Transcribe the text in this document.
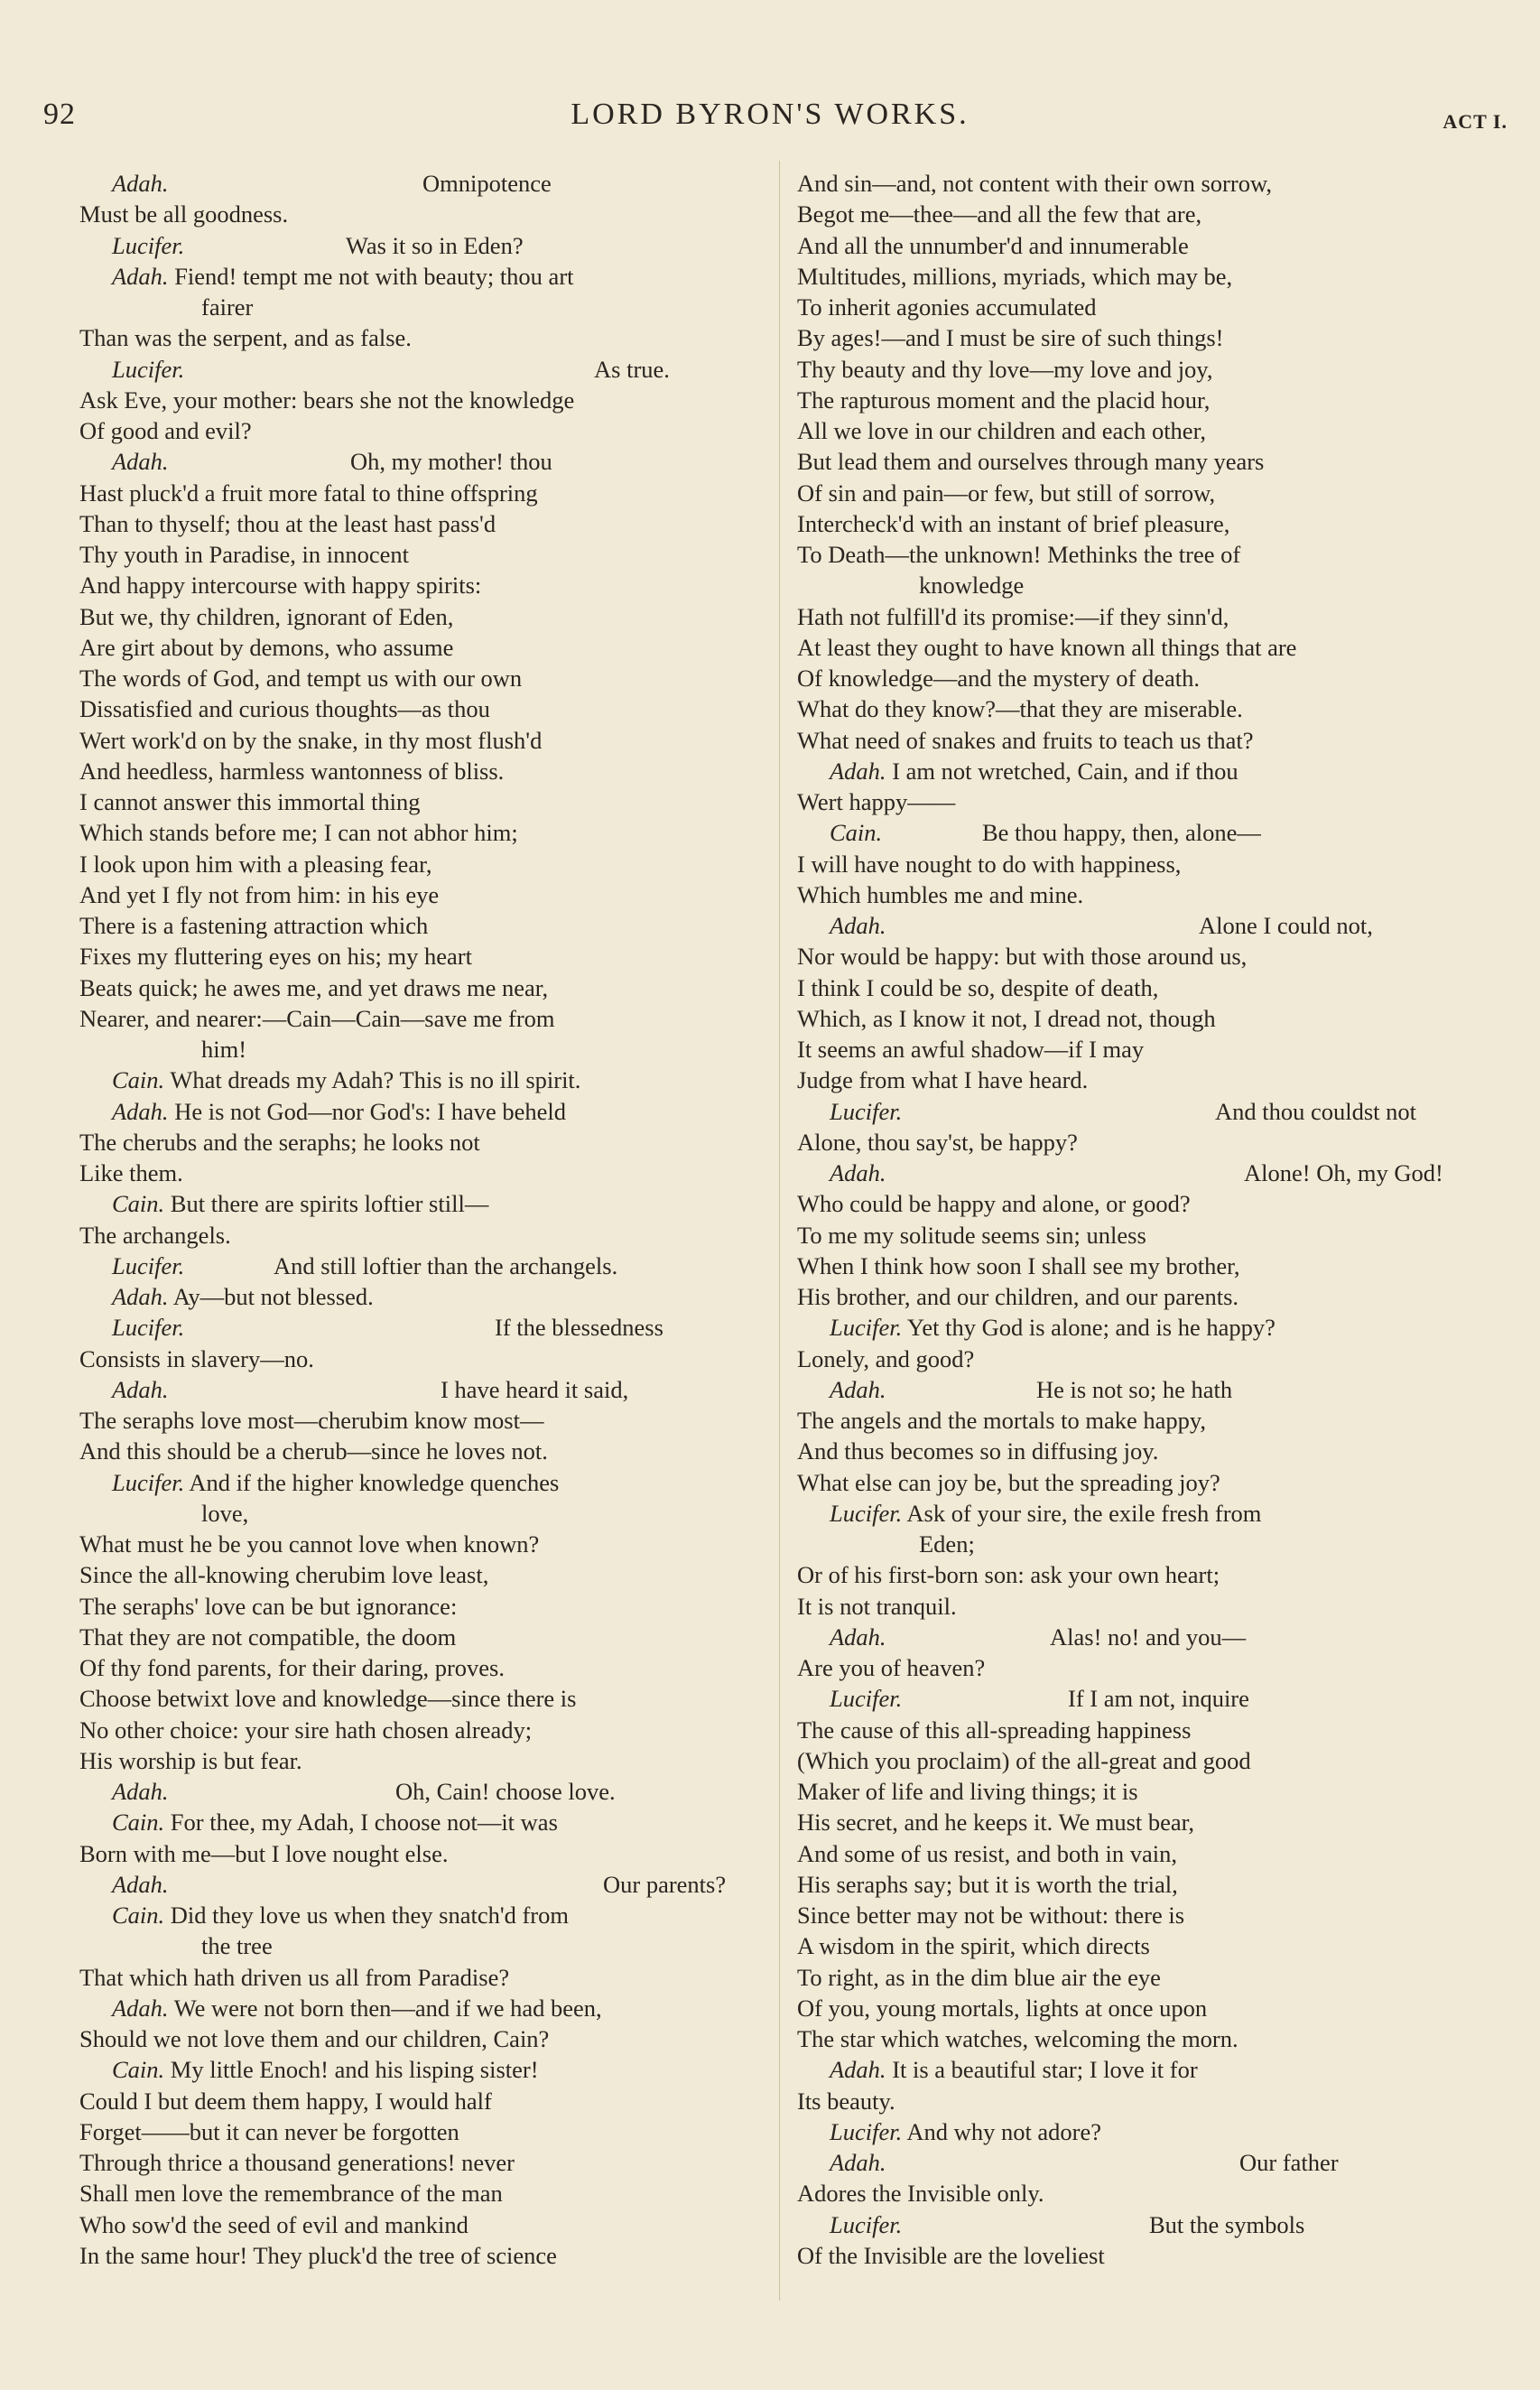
92	LORD BYRON'S WORKS.	ACT I.
Adah.	Omnipotence
Must be all goodness.
Lucifer.	Was it so in Eden?
Adah. Fiend! tempt me not with beauty; thou art
fairer
Than was the serpent, and as false.
Lucifer.	As true.
Ask Eve, your mother: bears she not the knowledge
Of good and evil?
Adah.	Oh, my mother! thou
Hast pluck'd a fruit more fatal to thine offspring
Than to thyself; thou at the least hast pass'd
Thy youth in Paradise, in innocent
And happy intercourse with happy spirits:
But we, thy children, ignorant of Eden,
Are girt about by demons, who assume
The words of God, and tempt us with our own
Dissatisfied and curious thoughts—as thou
Wert work'd on by the snake, in thy most flush'd
And heedless, harmless wantonness of bliss.
I cannot answer this immortal thing
Which stands before me; I can not abhor him;
I look upon him with a pleasing fear,
And yet I fly not from him: in his eye
There is a fastening attraction which
Fixes my fluttering eyes on his; my heart
Beats quick; he awes me, and yet draws me near,
Nearer, and nearer:—Cain—Cain—save me from
him!
Cain. What dreads my Adah? This is no ill spirit.
Adah. He is not God—nor God's: I have beheld
The cherubs and the seraphs; he looks not
Like them.
Cain. But there are spirits loftier still—
The archangels.
Lucifer.	And still loftier than the archangels.
Adah. Ay—but not blessed.
Lucifer.	If the blessedness
Consists in slavery—no.
Adah.	I have heard it said,
The seraphs love most—cherubim know most—
And this should be a cherub—since he loves not.
Lucifer. And if the higher knowledge quenches
love,
What must he be you cannot love when known?
Since the all-knowing cherubim love least,
The seraphs' love can be but ignorance:
That they are not compatible, the doom
Of thy fond parents, for their daring, proves.
Choose betwixt love and knowledge—since there is
No other choice: your sire hath chosen already;
His worship is but fear.
Adah.	Oh, Cain! choose love.
Cain. For thee, my Adah, I choose not—it was
Born with me—but I love nought else.
Adah.	Our parents?
Cain. Did they love us when they snatch'd from
the tree
That which hath driven us all from Paradise?
Adah. We were not born then—and if we had been,
Should we not love them and our children, Cain?
Cain. My little Enoch! and his lisping sister!
Could I but deem them happy, I would half
Forget——but it can never be forgotten
Through thrice a thousand generations! never
Shall men love the remembrance of the man
Who sow'd the seed of evil and mankind
In the same hour! They pluck'd the tree of science
And sin—and, not content with their own sorrow,
Begot me—thee—and all the few that are,
And all the unnumber'd and innumerable
Multitudes, millions, myriads, which may be,
To inherit agonies accumulated
By ages!—and I must be sire of such things!
Thy beauty and thy love—my love and joy,
The rapturous moment and the placid hour,
All we love in our children and each other,
But lead them and ourselves through many years
Of sin and pain—or few, but still of sorrow,
Intercheck'd with an instant of brief pleasure,
To Death—the unknown! Methinks the tree of
knowledge
Hath not fulfill'd its promise:—if they sinn'd,
At least they ought to have known all things that are
Of knowledge—and the mystery of death.
What do they know?—that they are miserable.
What need of snakes and fruits to teach us that?
Adah. I am not wretched, Cain, and if thou
Wert happy——
Cain.	Be thou happy, then, alone—
I will have nought to do with happiness,
Which humbles me and mine.
Adah.	Alone I could not,
Nor would be happy: but with those around us,
I think I could be so, despite of death,
Which, as I know it not, I dread not, though
It seems an awful shadow—if I may
Judge from what I have heard.
Lucifer.	And thou couldst not
Alone, thou say'st, be happy?
Adah.	Alone! Oh, my God!
Who could be happy and alone, or good?
To me my solitude seems sin; unless
When I think how soon I shall see my brother,
His brother, and our children, and our parents.
Lucifer. Yet thy God is alone; and is he happy?
Lonely, and good?
Adah.	He is not so; he hath
The angels and the mortals to make happy,
And thus becomes so in diffusing joy.
What else can joy be, but the spreading joy?
Lucifer. Ask of your sire, the exile fresh from
Eden;
Or of his first-born son: ask your own heart;
It is not tranquil.
Adah.	Alas! no! and you—
Are you of heaven?
Lucifer.	If I am not, inquire
The cause of this all-spreading happiness
(Which you proclaim) of the all-great and good
Maker of life and living things; it is
His secret, and he keeps it. We must bear,
And some of us resist, and both in vain,
His seraphs say; but it is worth the trial,
Since better may not be without: there is
A wisdom in the spirit, which directs
To right, as in the dim blue air the eye
Of you, young mortals, lights at once upon
The star which watches, welcoming the morn.
Adah. It is a beautiful star; I love it for
Its beauty.
Lucifer. And why not adore?
Adah.	Our father
Adores the Invisible only.
Lucifer.	But the symbols
Of the Invisible are the loveliest
